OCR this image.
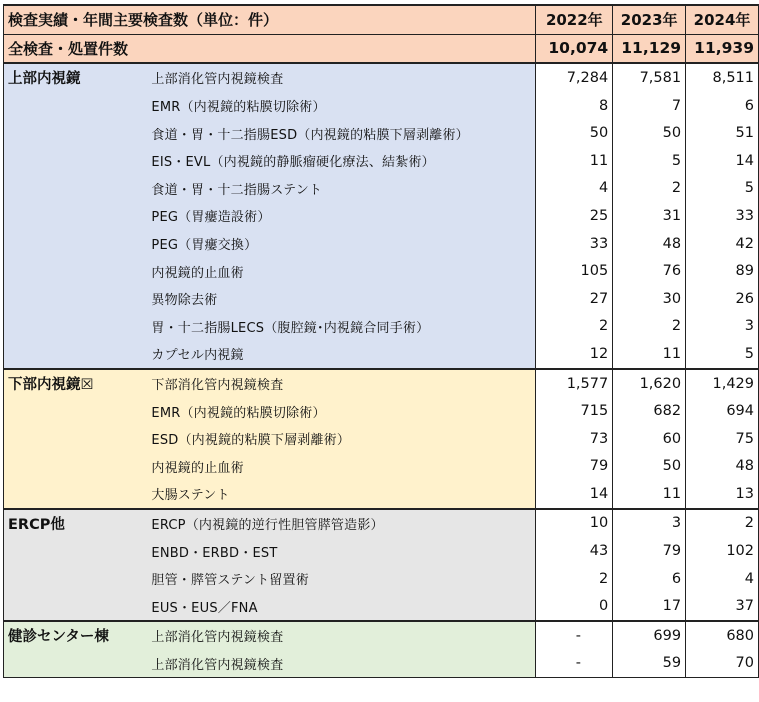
検査実績・年間主要検査数（単位：件）		2022年	2023年	2024年
全検査・処置件数		10,074	11,129	11,939
上部内視鏡	上部消化管内視鏡検査	7,284	7,581	8,511
	EMR（内視鏡的粘膜切除術）	8	7	6
	食道・胃・十二指腸ESD（内視鏡的粘膜下層剥離術）	50	50	51
	EIS・EVL（内視鏡的静脈瘤硬化療法、結紮術）	11	5	14
	食道・胃・十二指腸ステント	4	2	5
	PEG（胃瘻造設術）	25	31	33
	PEG（胃瘻交換）	33	48	42
	内視鏡的止血術	105	76	89
	異物除去術	27	30	26
	胃・十二指腸LECS（腹腔鏡･内視鏡合同手術）	2	2	3
	カプセル内視鏡	12	11	5
下部内視鏡☒	下部消化管内視鏡検査	1,577	1,620	1,429
	EMR（内視鏡的粘膜切除術）	715	682	694
	ESD（内視鏡的粘膜下層剥離術）	73	60	75
	内視鏡的止血術	79	50	48
	大腸ステント	14	11	13
ERCP他	ERCP（内視鏡的逆行性胆管膵管造影）	10	3	2
	ENBD・ERBD・EST	43	79	102
	胆管・膵管ステント留置術	2	6	4
	EUS・EUS／FNA	0	17	37
健診センター棟	上部消化管内視鏡検査	-	699	680
	上部消化管内視鏡検査	-	59	70
